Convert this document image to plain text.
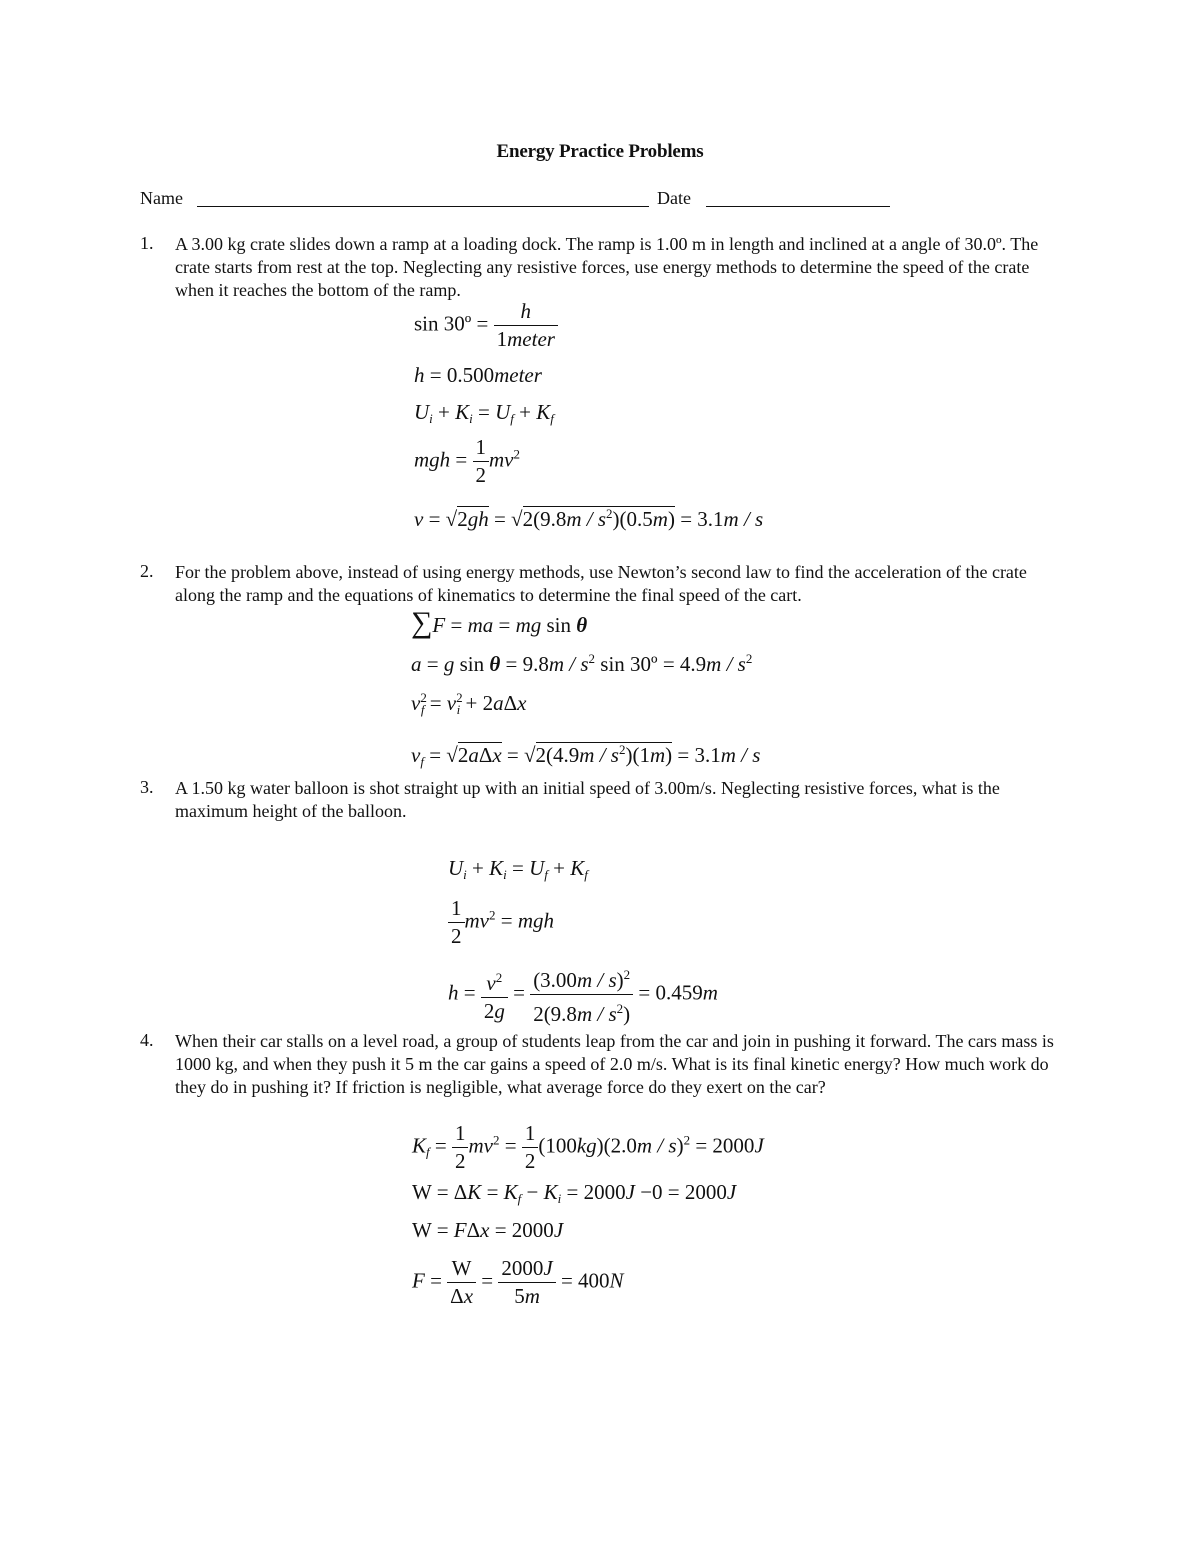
Energy Practice Problems
Name	Date
1. A 3.00 kg crate slides down a ramp at a loading dock. The ramp is 1.00 m in length and inclined at a angle of 30.0º. The crate starts from rest at the top. Neglecting any resistive forces, use energy methods to determine the speed of the crate when it reaches the bottom of the ramp.
sin 30º = $\frac{h}{\text{1meter}}$
h = 0.500meter
$U_i + K_i = U_f + K_f$
mgh = $\frac{1}{2} mv^2$
$v = √2gh = √2(9.8m / s^2)(0.5m) = 3.1m / s$
2. For the problem above, instead of using energy methods, use Newton’s second law to find the acceleration of the crate along the ramp and the equations of kinematics to determine the final speed of the cart.
∑F = ma = mg sin θ
a = g $\sin \theta = 9.8m / s^2$ sin 30º = $4.9m / s^2$
$v^2_f = v^2_i + 2a\Delta x$
$v_f = √2a\Delta x = √2(4.9m / s^2)(1m) = 3.1m / s$
3. A 1.50 kg water balloon is shot straight up with an initial speed of 3.00m/s. Neglecting resistive forces, what is the maximum height of the balloon.
$U_i + K_i = U_f + K_f$
$\frac{1}{2} mv^2$ = mgh
$h = \frac{v^2}{2g} = \frac{(3.00m / s)^2}{2(9.8m / s^2)} = 0.459m$
4. When their car stalls on a level road, a group of students leap from the car and join in pushing it forward. The cars mass is 1000 kg, and when they push it 5 m the car gains a speed of 2.0 m/s. What is its final kinetic energy? How much work do they do in pushing it? If friction is negligible, what average force do they exert on the car?
$K_f = \frac{1}{2} mv^2 = \frac{1}{2} (100kg)(2.0m / s)^2 = 2000J$
$W = \Delta K = K_f - K_i = 2000J -0 = 2000J$
W = FΔx = 2000J
$F = \frac{W}{\Delta x} = \frac{2000J}{5m} = 400N$
